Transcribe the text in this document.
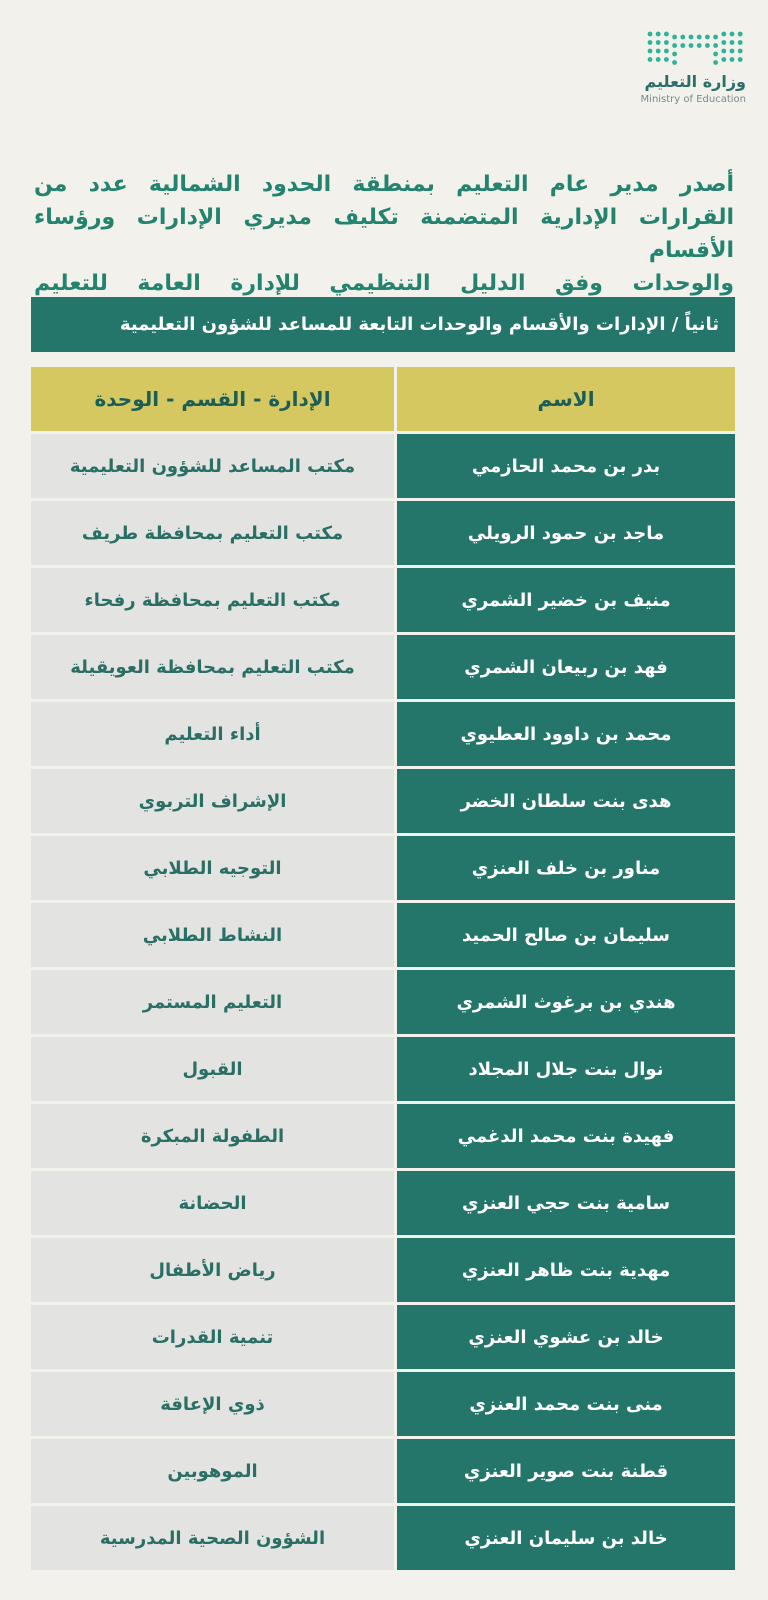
وزارة التعليم
Ministry of Education
أصدر مدير عام التعليم بمنطقة الحدود الشمالية عدد من
القرارات الإدارية المتضمنة تكليف مديري الإدارات ورؤساء الأقسام
والوحدات وفق الدليل التنظيمي للإدارة العامة للتعليم
ثانياً / الإدارات والأقسام والوحدات التابعة للمساعد للشؤون التعليمية
الاسم
الإدارة - القسم - الوحدة
بدر بن محمد الحازمي
مكتب المساعد للشؤون التعليمية
ماجد بن حمود الرويلي
مكتب التعليم بمحافظة طريف
منيف بن خضير الشمري
مكتب التعليم بمحافظة رفحاء
فهد بن ربيعان الشمري
مكتب التعليم بمحافظة العويقيلة
محمد بن داوود العطيوي
أداء التعليم
هدى بنت سلطان الخضر
الإشراف التربوي
مناور بن خلف العنزي
التوجيه الطلابي
سليمان بن صالح الحميد
النشاط الطلابي
هندي بن برغوث الشمري
التعليم المستمر
نوال بنت جلال المجلاد
القبول
فهيدة بنت محمد الدغمي
الطفولة المبكرة
سامية بنت حجي العنزي
الحضانة
مهدية بنت ظاهر العنزي
رياض الأطفال
خالد بن عشوي العنزي
تنمية القدرات
منى بنت محمد العنزي
ذوي الإعاقة
قطنة بنت صوير العنزي
الموهوبين
خالد بن سليمان العنزي
الشؤون الصحية المدرسية
